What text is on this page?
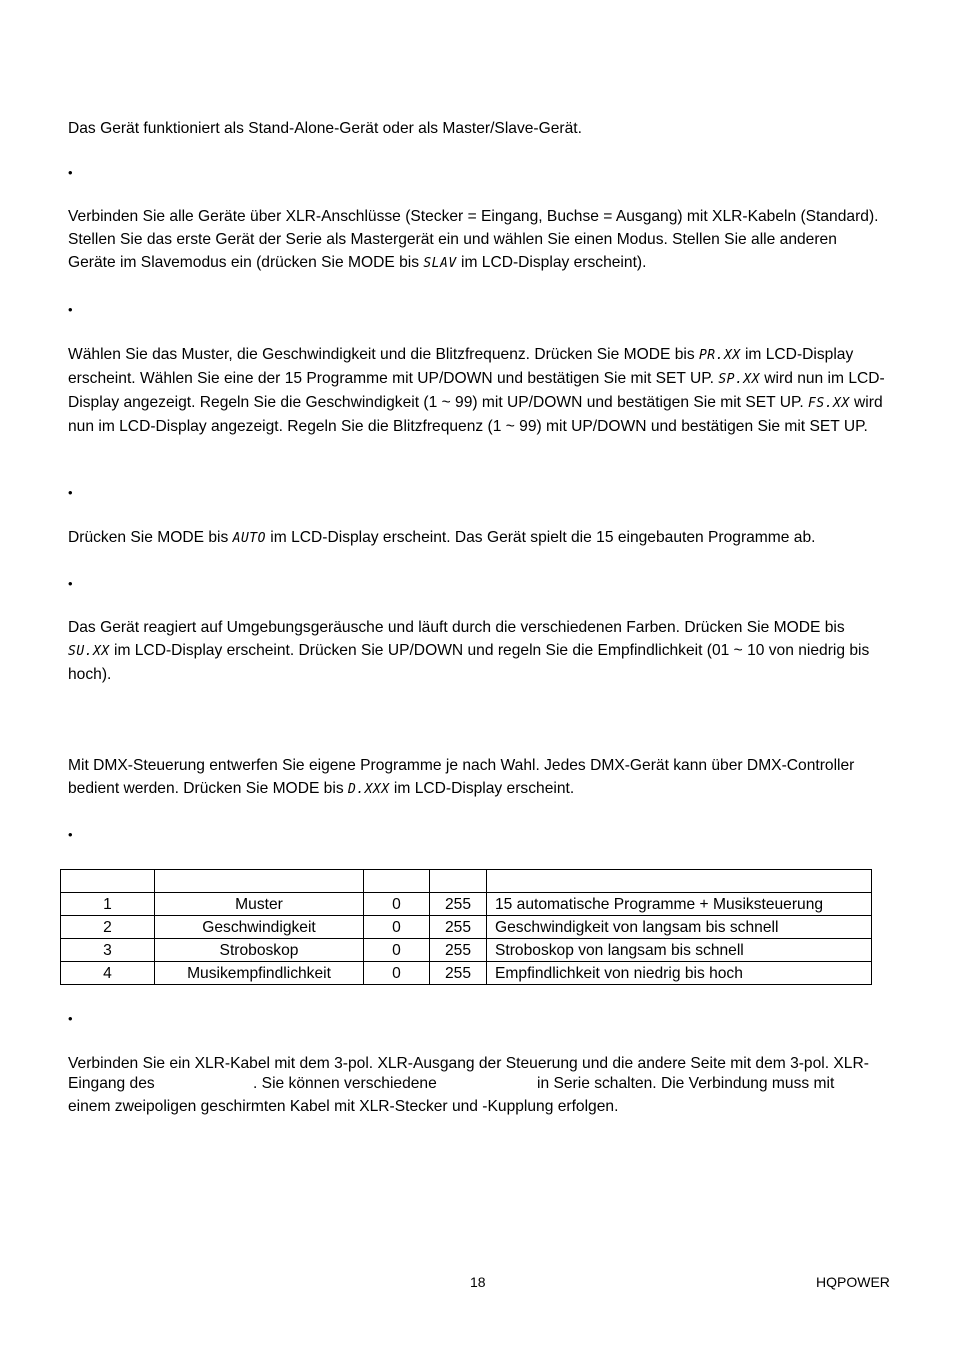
Das Gerät funktioniert als Stand-Alone-Gerät oder als Master/Slave-Gerät.

•

Verbinden Sie alle Geräte über XLR-Anschlüsse (Stecker = Eingang, Buchse = Ausgang) mit XLR-Kabeln (Standard). Stellen Sie das erste Gerät der Serie als Mastergerät ein und wählen Sie einen Modus. Stellen Sie alle anderen Geräte im Slavemodus ein (drücken Sie MODE bis SLAV im LCD-Display erscheint).

•

Wählen Sie das Muster, die Geschwindigkeit und die Blitzfrequenz. Drücken Sie MODE bis PR.XX im LCD-Display erscheint. Wählen Sie eine der 15 Programme mit UP/DOWN und bestätigen Sie mit SET UP. SP.XX wird nun im LCD-Display angezeigt. Regeln Sie die Geschwindigkeit (1 ~ 99) mit UP/DOWN und bestätigen Sie mit SET UP. FS.XX wird nun im LCD-Display angezeigt. Regeln Sie die Blitzfrequenz (1 ~ 99) mit UP/DOWN und bestätigen Sie mit SET UP.

•

Drücken Sie MODE bis AUTO im LCD-Display erscheint. Das Gerät spielt die 15 eingebauten Programme ab.

•

Das Gerät reagiert auf Umgebungsgeräusche und läuft durch die verschiedenen Farben. Drücken Sie MODE bis SU.XX im LCD-Display erscheint. Drücken Sie UP/DOWN und regeln Sie die Empfindlichkeit (01 ~ 10 von niedrig bis hoch).

Mit DMX-Steuerung entwerfen Sie eigene Programme je nach Wahl. Jedes DMX-Gerät kann über DMX-Controller bedient werden. Drücken Sie MODE bis D.XXX im LCD-Display erscheint.

•

1	Muster	0	255	15 automatische Programme + Musiksteuerung
2	Geschwindigkeit	0	255	Geschwindigkeit von langsam bis schnell
3	Stroboskop	0	255	Stroboskop von langsam bis schnell
4	Musikempfindlichkeit	0	255	Empfindlichkeit von niedrig bis hoch
•
Verbinden Sie ein XLR-Kabel mit dem 3-pol. XLR-Ausgang der Steuerung und die andere Seite mit dem 3-pol. XLR-
Eingang des	. Sie können verschiedene	in Serie schalten. Die Verbindung muss mit
einem zweipoligen geschirmten Kabel mit XLR-Stecker und -Kupplung erfolgen.
18	HQPOWER
